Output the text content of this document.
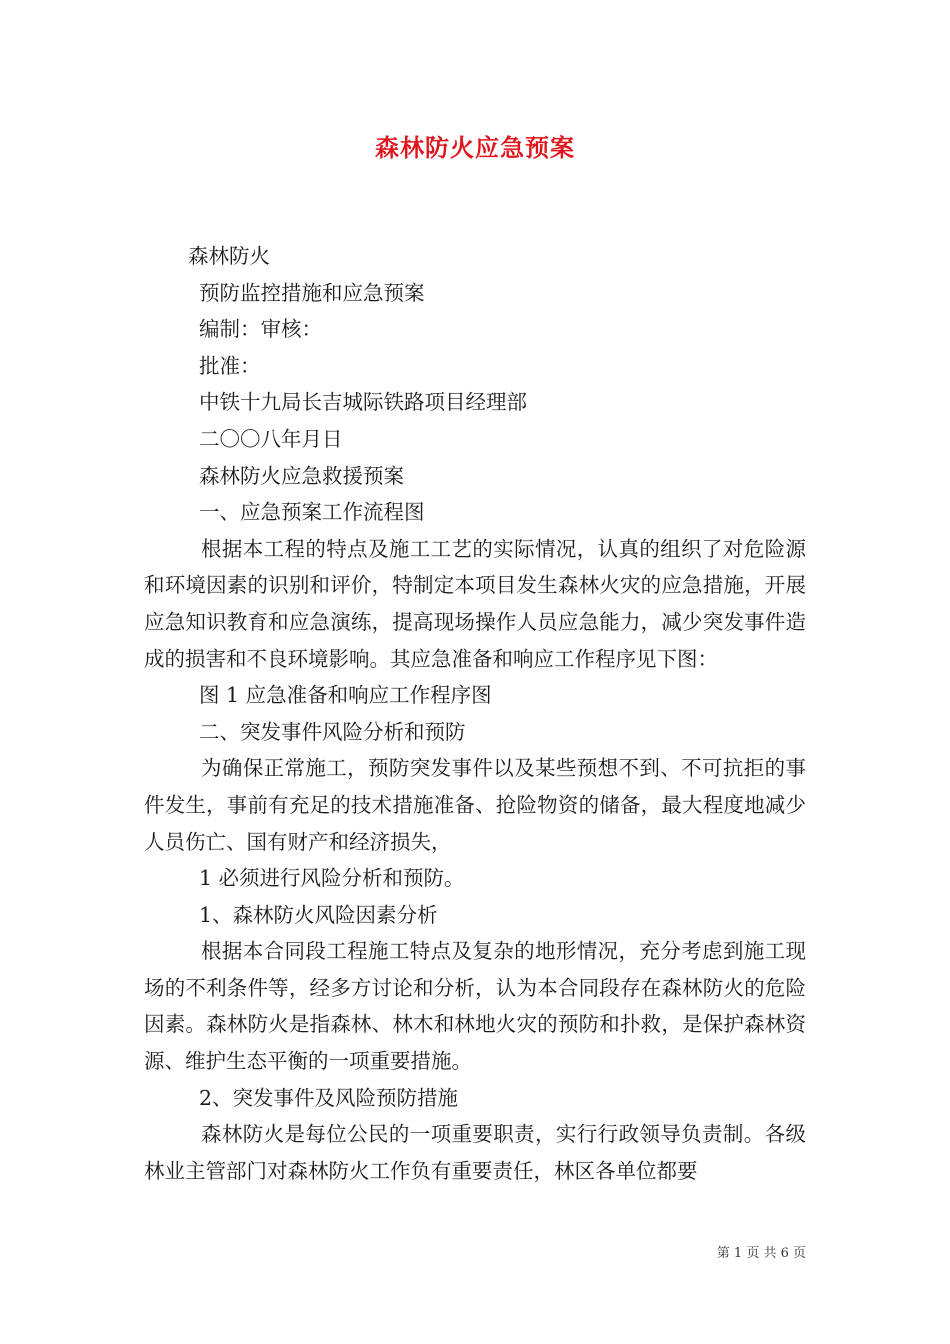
森林防火应急预案

森林防火

预防监控措施和应急预案

编制：审核：

批准：

中铁十九局长吉城际铁路项目经理部

二〇〇八年月日

森林防火应急救援预案

一、应急预案工作流程图

根据本工程的特点及施工工艺的实际情况，认真的组织了对危险源和环境因素的识别和评价，特制定本项目发生森林火灾的应急措施，开展应急知识教育和应急演练，提高现场操作人员应急能力，减少突发事件造成的损害和不良环境影响。其应急准备和响应工作程序见下图：

图 1 应急准备和响应工作程序图

二、突发事件风险分析和预防

为确保正常施工，预防突发事件以及某些预想不到、不可抗拒的事件发生，事前有充足的技术措施准备、抢险物资的储备，最大程度地减少人员伤亡、国有财产和经济损失，

1 必须进行风险分析和预防。

1、森林防火风险因素分析

根据本合同段工程施工特点及复杂的地形情况，充分考虑到施工现场的不利条件等，经多方讨论和分析，认为本合同段存在森林防火的危险因素。森林防火是指森林、林木和林地火灾的预防和扑救，是保护森林资源、维护生态平衡的一项重要措施。

2、突发事件及风险预防措施

森林防火是每位公民的一项重要职责，实行行政领导负责制。各级林业主管部门对森林防火工作负有重要责任，林区各单位都要

第 1 页 共 6 页
